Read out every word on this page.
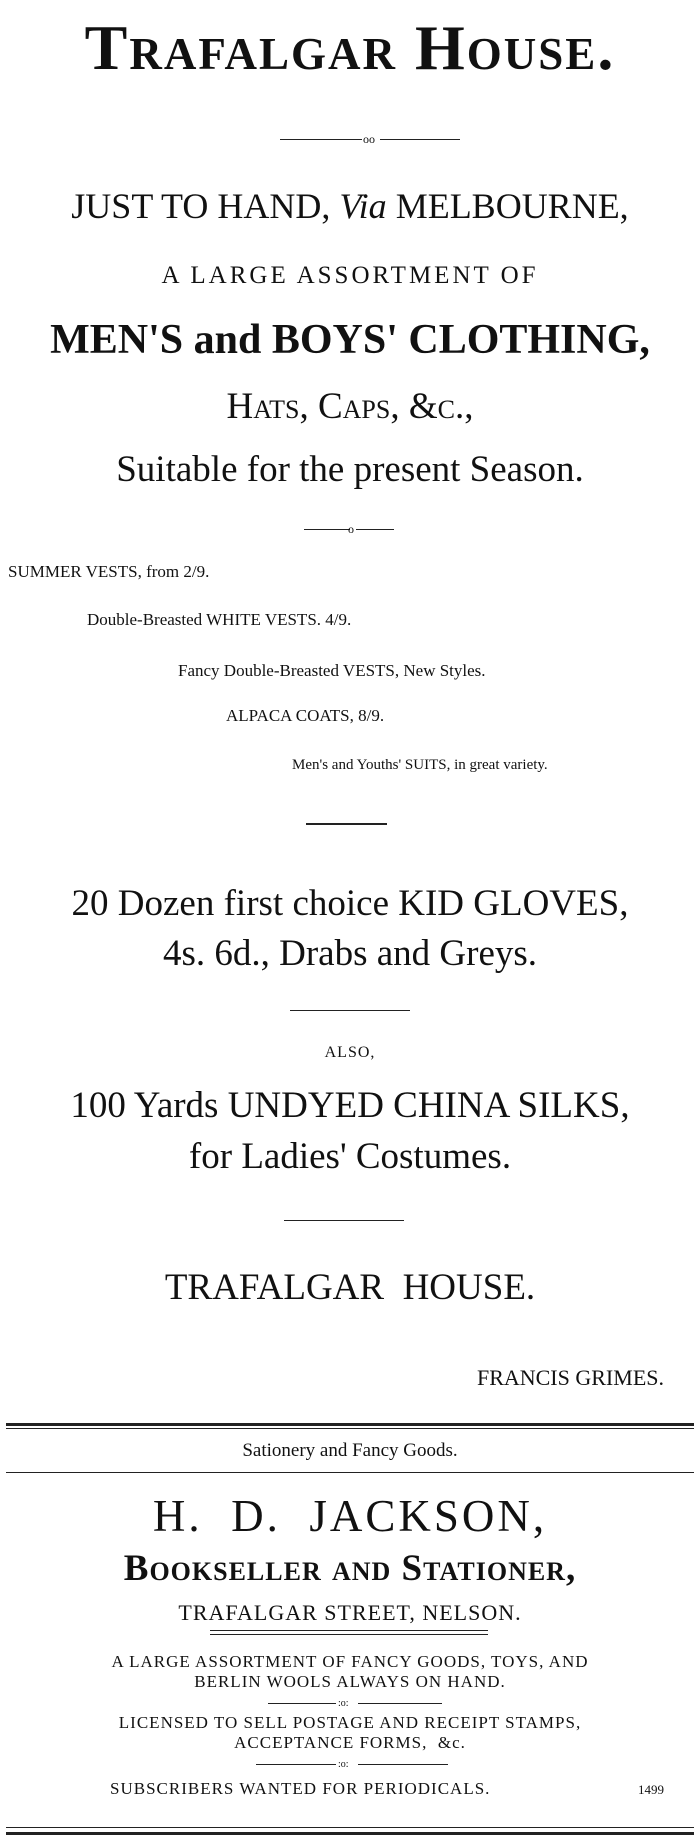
Trafalgar House.
oo
JUST TO HAND, Via MELBOURNE,
A LARGE ASSORTMENT OF
MEN'S and BOYS' CLOTHING,
Hats, Caps, &c.,
Suitable for the present Season.
o
SUMMER VESTS, from 2/9.
Double-Breasted WHITE VESTS. 4/9.
Fancy Double-Breasted VESTS, New Styles.
ALPACA COATS, 8/9.
Men's and Youths' SUITS, in great variety.
20 Dozen first choice KID GLOVES,
4s. 6d., Drabs and Greys.
ALSO,
100 Yards UNDYED CHINA SILKS,
for Ladies' Costumes.
TRAFALGAR  HOUSE.
FRANCIS GRIMES.
Sationery and Fancy Goods.
H.  D.  JACKSON,
Bookseller and Stationer,
TRAFALGAR STREET, NELSON.
A LARGE ASSORTMENT OF FANCY GOODS, TOYS, AND
BERLIN WOOLS ALWAYS ON HAND.
:o:
LICENSED TO SELL POSTAGE AND RECEIPT STAMPS,
ACCEPTANCE FORMS,  &c.
:o:
SUBSCRIBERS WANTED FOR PERIODICALS.	1499
